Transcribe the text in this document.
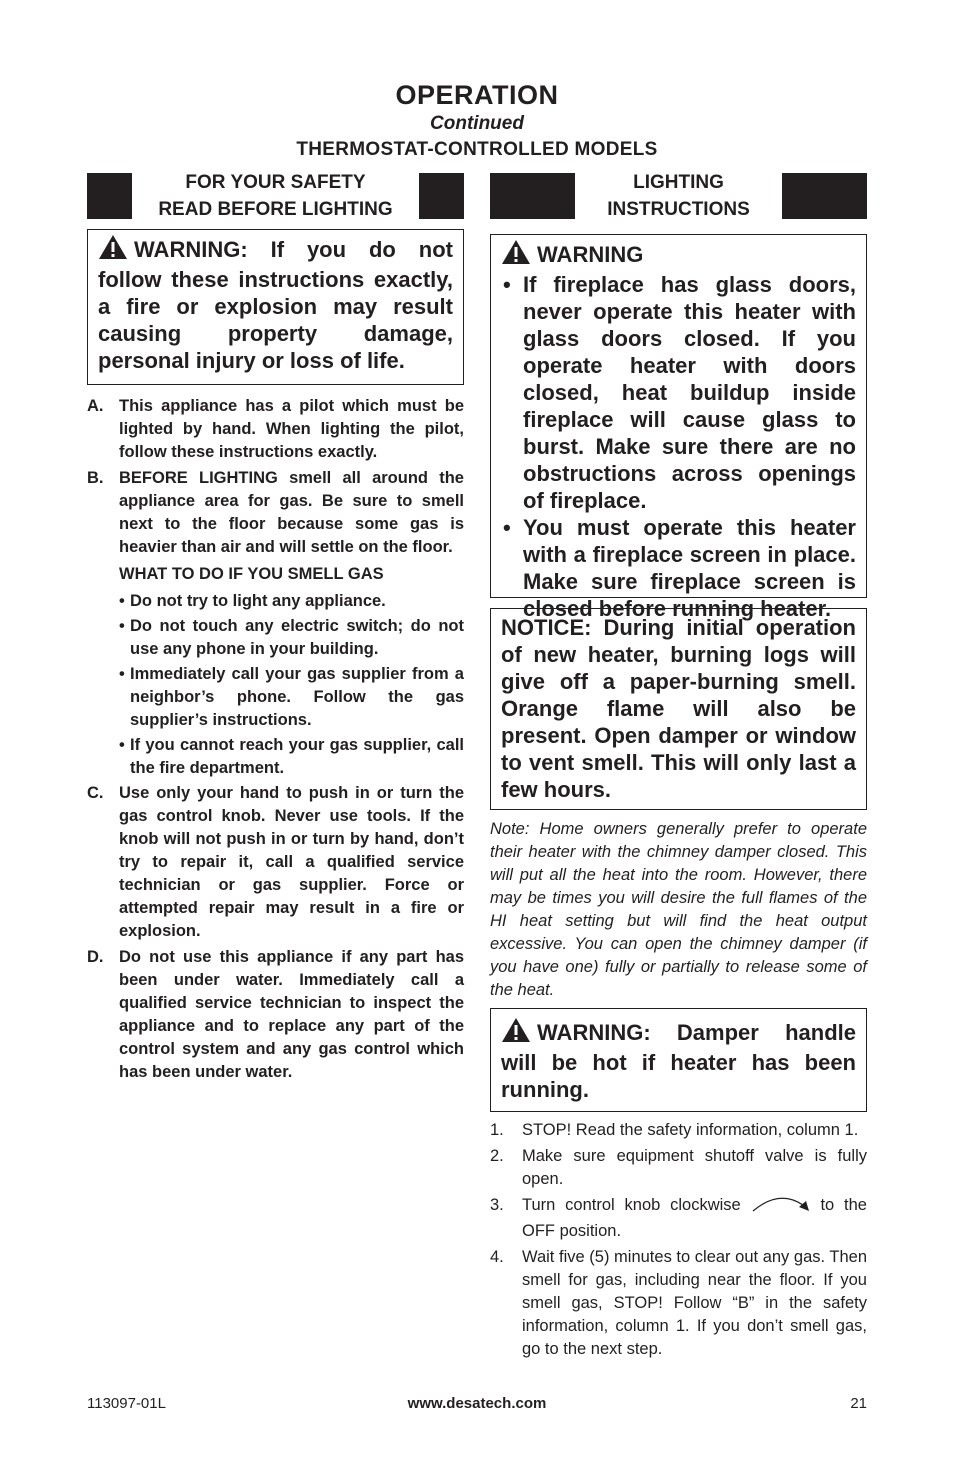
OPERATION
Continued
THERMOSTAT-CONTROLLED MODELS
FOR YOUR SAFETY
READ BEFORE LIGHTING
LIGHTING
INSTRUCTIONS
WARNING: If you do not follow these instructions exactly, a fire or explosion may result causing property damage, personal injury or loss of life.
A. This appliance has a pilot which must be lighted by hand. When lighting the pilot, follow these instructions exactly.
B. BEFORE LIGHTING smell all around the appliance area for gas. Be sure to smell next to the floor because some gas is heavier than air and will settle on the floor.
WHAT TO DO IF YOU SMELL GAS
• Do not try to light any appliance.
• Do not touch any electric switch; do not use any phone in your building.
• Immediately call your gas supplier from a neighbor’s phone. Follow the gas supplier’s instructions.
• If you cannot reach your gas supplier, call the fire department.
C. Use only your hand to push in or turn the gas control knob. Never use tools. If the knob will not push in or turn by hand, don’t try to repair it, call a qualified service technician or gas supplier. Force or attempted repair may result in a fire or explosion.
D. Do not use this appliance if any part has been under water. Immediately call a qualified service technician to inspect the appliance and to replace any part of the control system and any gas control which has been under water.
WARNING
• If fireplace has glass doors, never operate this heater with glass doors closed. If you operate heater with doors closed, heat buildup inside fireplace will cause glass to burst. Make sure there are no obstructions across openings of fireplace.
• You must operate this heater with a fireplace screen in place. Make sure fireplace screen is closed before running heater.
NOTICE: During initial operation of new heater, burning logs will give off a paper-burning smell. Orange flame will also be present. Open damper or window to vent smell. This will only last a few hours.
Note: Home owners generally prefer to operate their heater with the chimney damper closed. This will put all the heat into the room. However, there may be times you will desire the full flames of the HI heat setting but will find the heat output excessive. You can open the chimney damper (if you have one) fully or partially to release some of the heat.
WARNING: Damper handle will be hot if heater has been running.
1. STOP! Read the safety information, column 1.
2. Make sure equipment shutoff valve is fully open.
3. Turn control knob clockwise	to the OFF position.
4. Wait five (5) minutes to clear out any gas. Then smell for gas, including near the floor. If you smell gas, STOP! Follow “B” in the safety information, column 1. If you don’t smell gas, go to the next step.
113097-01L	www.desatech.com	21
